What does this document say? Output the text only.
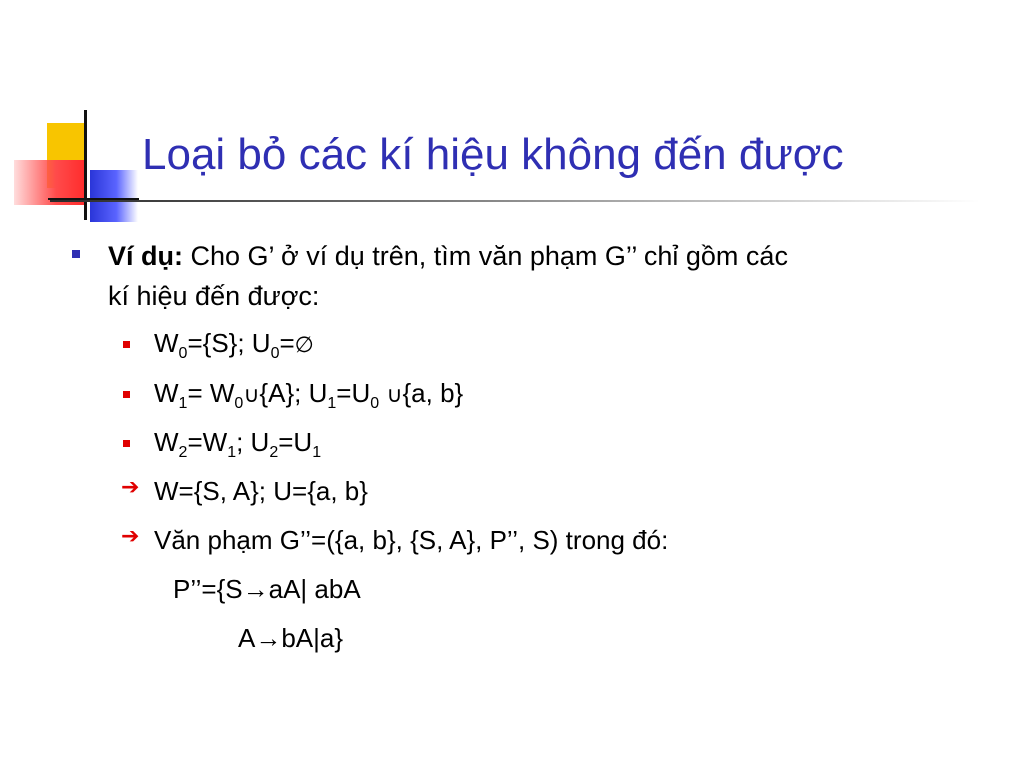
Loại bỏ các kí hiệu không đến được
Ví dụ: Cho G’ ở ví dụ trên, tìm văn phạm G’’ chỉ gồm các
kí hiệu đến được:
$W_0=\{S\}$; $U_0=\emptyset$
$W_1=$ $W_0\cup\{A\}$; $U_1=U_0$ ∪{a, b}
$W_2=W_1$; $U_2=U_1$
➔ W={S, A}; U={a, b}
➔ Văn phạm G’’=({a, b}, {S, A}, P’’, S) trong đó:
P’’={S→aA| abA
A→bA|a}
